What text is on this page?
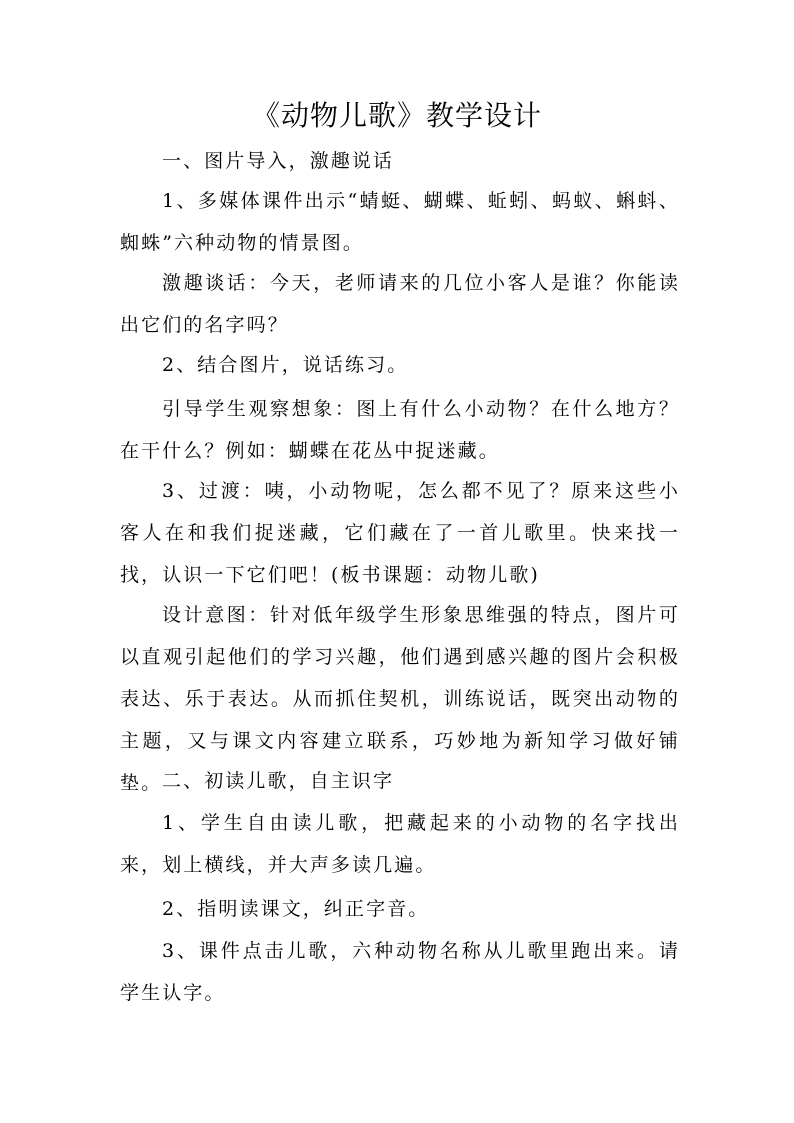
《动物儿歌》教学设计
一、图片导入，激趣说话
1、多媒体课件出示“蜻蜓、蝴蝶、蚯蚓、蚂蚁、蝌蚪、蜘蛛”六种动物的情景图。
激趣谈话：今天，老师请来的几位小客人是谁？你能读出它们的名字吗？
2、结合图片，说话练习。
引导学生观察想象：图上有什么小动物？在什么地方？在干什么？例如：蝴蝶在花丛中捉迷藏。
3、过渡：咦，小动物呢，怎么都不见了？原来这些小客人在和我们捉迷藏，它们藏在了一首儿歌里。快来找一找，认识一下它们吧！(板书课题：动物儿歌)
设计意图：针对低年级学生形象思维强的特点，图片可以直观引起他们的学习兴趣，他们遇到感兴趣的图片会积极表达、乐于表达。从而抓住契机，训练说话，既突出动物的主题，又与课文内容建立联系，巧妙地为新知学习做好铺垫。 二、初读儿歌，自主识字
1、学生自由读儿歌，把藏起来的小动物的名字找出来，划上横线，并大声多读几遍。
2、指明读课文，纠正字音。
3、课件点击儿歌，六种动物名称从儿歌里跑出来。请学生认字。
